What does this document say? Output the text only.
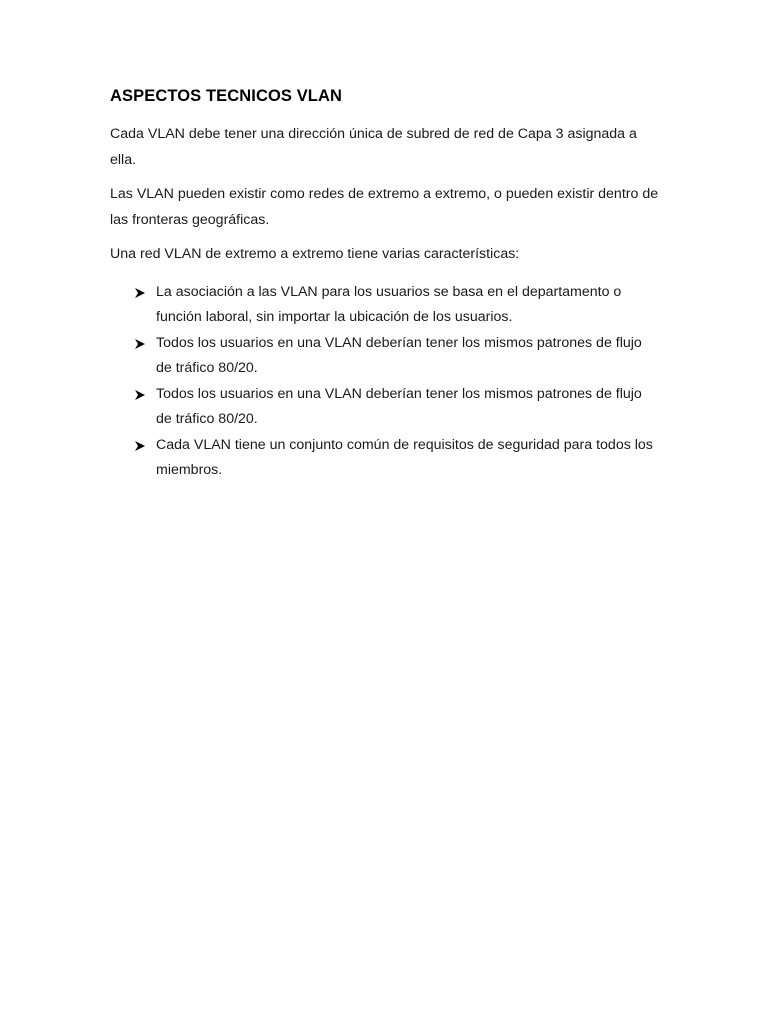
ASPECTOS TECNICOS VLAN

Cada VLAN debe tener una dirección única de subred de red de Capa 3 asignada a ella.

Las VLAN pueden existir como redes de extremo a extremo, o pueden existir dentro de las fronteras geográficas.

Una red VLAN de extremo a extremo tiene varias características:

La asociación a las VLAN para los usuarios se basa en el departamento o función laboral, sin importar la ubicación de los usuarios.
Todos los usuarios en una VLAN deberían tener los mismos patrones de flujo de tráfico 80/20.
Todos los usuarios en una VLAN deberían tener los mismos patrones de flujo de tráfico 80/20.
Cada VLAN tiene un conjunto común de requisitos de seguridad para todos los miembros.
